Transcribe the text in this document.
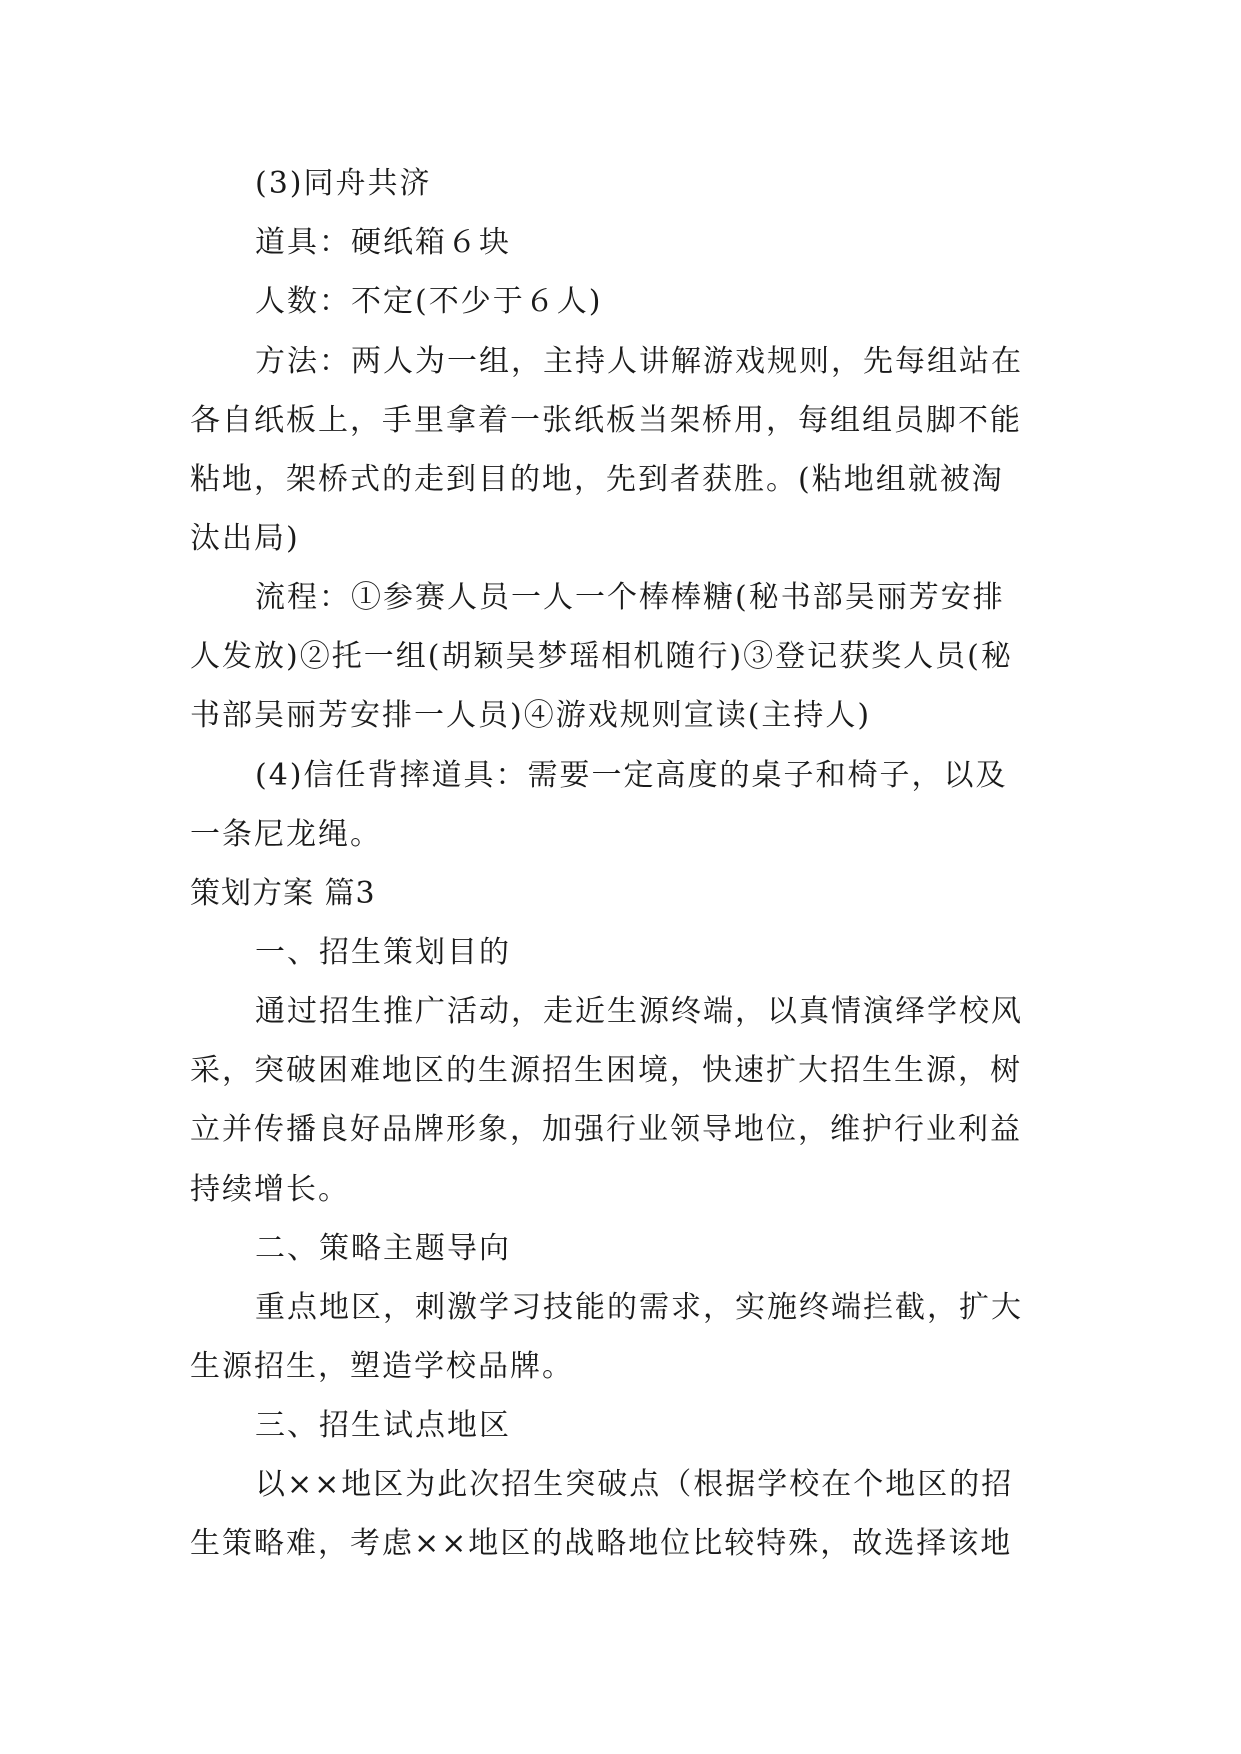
(3)同舟共济
道具：硬纸箱６块
人数：不定(不少于６人)
方法：两人为一组，主持人讲解游戏规则，先每组站在
各自纸板上，手里拿着一张纸板当架桥用，每组组员脚不能
粘地，架桥式的走到目的地，先到者获胜。(粘地组就被淘
汰出局)
流程：①参赛人员一人一个棒棒糖(秘书部吴丽芳安排
人发放)②托一组(胡颖吴梦瑶相机随行)③登记获奖人员(秘
书部吴丽芳安排一人员)④游戏规则宣读(主持人)
(4)信任背摔道具：需要一定高度的桌子和椅子，以及
一条尼龙绳。
策划方案 篇3
一、招生策划目的
通过招生推广活动，走近生源终端，以真情演绎学校风
采，突破困难地区的生源招生困境，快速扩大招生生源，树
立并传播良好品牌形象，加强行业领导地位，维护行业利益
持续增长。
二、策略主题导向
重点地区，刺激学习技能的需求，实施终端拦截，扩大
生源招生，塑造学校品牌。
三、招生试点地区
以××地区为此次招生突破点（根据学校在个地区的招
生策略难，考虑××地区的战略地位比较特殊，故选择该地
